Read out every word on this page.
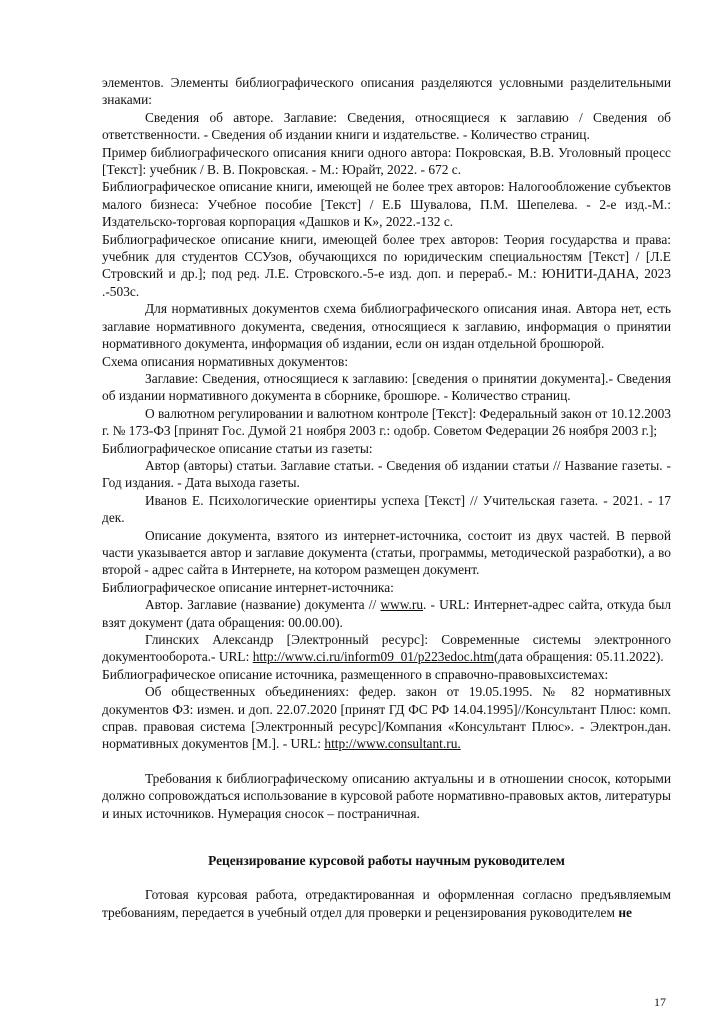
элементов. Элементы библиографического описания разделяются условными разделительными знаками:

Сведения об авторе. Заглавие: Сведения, относящиеся к заглавию / Сведения об ответственности. - Сведения об издании книги и издательстве. - Количество страниц.

Пример библиографического описания книги одного автора: Покровская, В.В. Уголовный процесс [Текст]: учебник / В. В. Покровская. - М.: Юрайт, 2022. - 672 с.

Библиографическое описание книги, имеющей не более трех авторов: Налогообложение субъектов малого бизнеса: Учебное пособие [Текст] / Е.Б Шувалова, П.М. Шепелева. - 2-е изд.-М.: Издательско-торговая корпорация «Дашков и К», 2022.-132 с.

Библиографическое описание книги, имеющей более трех авторов: Теория государства и права: учебник для студентов ССУзов, обучающихся по юридическим специальностям [Текст] / [Л.Е Стровский и др.]; под ред. Л.Е. Стровского.-5-е изд. доп. и перераб.- М.: ЮНИТИ-ДАНА, 2023 .-503с.

Для нормативных документов схема библиографического описания иная. Автора нет, есть заглавие нормативного документа, сведения, относящиеся к заглавию, информация о принятии нормативного документа, информация об издании, если он издан отдельной брошюрой.

Схема описания нормативных документов:

Заглавие: Сведения, относящиеся к заглавию: [сведения о принятии документа].- Сведения об издании нормативного документа в сборнике, брошюре. - Количество страниц.

О валютном регулировании и валютном контроле [Текст]: Федеральный закон от 10.12.2003 г. № 173-ФЗ [принят Гос. Думой 21 ноября 2003 г.: одобр. Советом Федерации 26 ноября 2003 г.];

Библиографическое описание статьи из газеты:

Автор (авторы) статьи. Заглавие статьи. - Сведения об издании статьи // Название газеты. - Год издания. - Дата выхода газеты.

Иванов Е. Психологические ориентиры успеха [Текст] // Учительская газета. - 2021. - 17 дек.

Описание документа, взятого из интернет-источника, состоит из двух частей. В первой части указывается автор и заглавие документа (статьи, программы, методической разработки), а во второй - адрес сайта в Интернете, на котором размещен документ.

Библиографическое описание интернет-источника:

Автор. Заглавие (название) документа // www.ru. - URL: Интернет-адрес сайта, откуда был взят документ (дата обращения: 00.00.00).

Глинских Александр [Электронный ресурс]: Современные системы электронного документооборота.- URL: http://www.ci.ru/inform09_01/p223edoc.htm(дата обращения: 05.11.2022).

Библиографическое описание источника, размещенного в справочно-правовыхсистемах:

Об общественных объединениях: федер. закон от 19.05.1995. № 82 нормативных документов ФЗ: измен. и доп. 22.07.2020 [принят ГД ФС РФ 14.04.1995]//Консультант Плюс: комп. справ. правовая система [Электронный ресурс]/Компания «Консультант Плюс». - Электрон.дан. нормативных документов [М.]. - URL: http://www.consultant.ru.

Требования к библиографическому описанию актуальны и в отношении сносок, которыми должно сопровождаться использование в курсовой работе нормативно-правовых актов, литературы и иных источников. Нумерация сносок – постраничная.

Рецензирование курсовой работы научным руководителем

Готовая курсовая работа, отредактированная и оформленная согласно предъявляемым требованиям, передается в учебный отдел для проверки и рецензирования руководителем не

17
